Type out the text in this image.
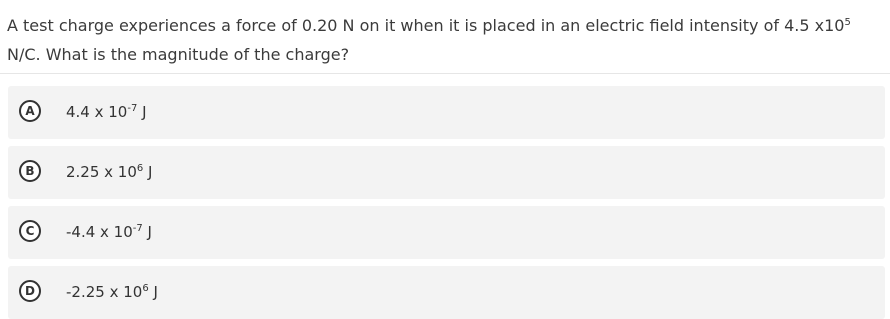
A test charge experiences a force of 0.20 N on it when it is placed in an electric field intensity of 4.5 $x10^5$
N/C. What is the magnitude of the charge?
A	4.4 x $10^{-7}$ J
B	2.25 x $10^6$ J
C	-4.4 x $10^{-7}$ J
D	-2.25 x $10^6$ J
